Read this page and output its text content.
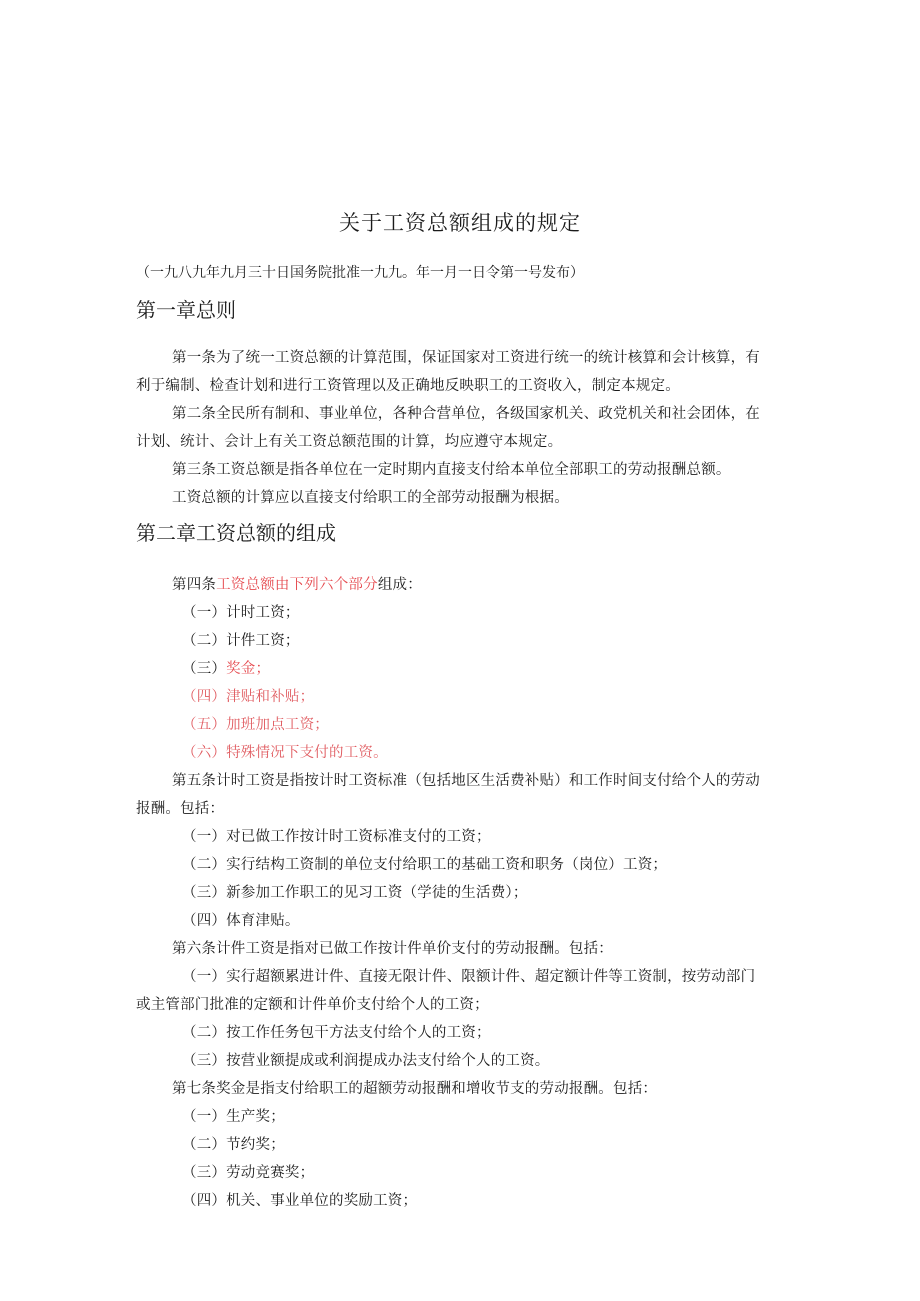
关于工资总额组成的规定
（一九八九年九月三十日国务院批准一九九。年一月一日令第一号发布）
第一章总则
第一条为了统一工资总额的计算范围，保证国家对工资进行统一的统计核算和会计核算，有
利于编制、检查计划和进行工资管理以及正确地反映职工的工资收入，制定本规定。
第二条全民所有制和、事业单位，各种合营单位，各级国家机关、政党机关和社会团体，在
计划、统计、会计上有关工资总额范围的计算，均应遵守本规定。
第三条工资总额是指各单位在一定时期内直接支付给本单位全部职工的劳动报酬总额。
工资总额的计算应以直接支付给职工的全部劳动报酬为根据。
第二章工资总额的组成
第四条工资总额由下列六个部分组成：
（一）计时工资；
（二）计件工资；
（三）奖金；
（四）津贴和补贴；
（五）加班加点工资；
（六）特殊情况下支付的工资。
第五条计时工资是指按计时工资标准（包括地区生活费补贴）和工作时间支付给个人的劳动
报酬。包括：
（一）对已做工作按计时工资标准支付的工资；
（二）实行结构工资制的单位支付给职工的基础工资和职务（岗位）工资；
（三）新参加工作职工的见习工资（学徒的生活费）；
（四）体育津贴。
第六条计件工资是指对已做工作按计件单价支付的劳动报酬。包括：
（一）实行超额累进计件、直接无限计件、限额计件、超定额计件等工资制，按劳动部门
或主管部门批准的定额和计件单价支付给个人的工资；
（二）按工作任务包干方法支付给个人的工资；
（三）按营业额提成或利润提成办法支付给个人的工资。
第七条奖金是指支付给职工的超额劳动报酬和增收节支的劳动报酬。包括：
（一）生产奖；
（二）节约奖；
（三）劳动竞赛奖；
（四）机关、事业单位的奖励工资；
